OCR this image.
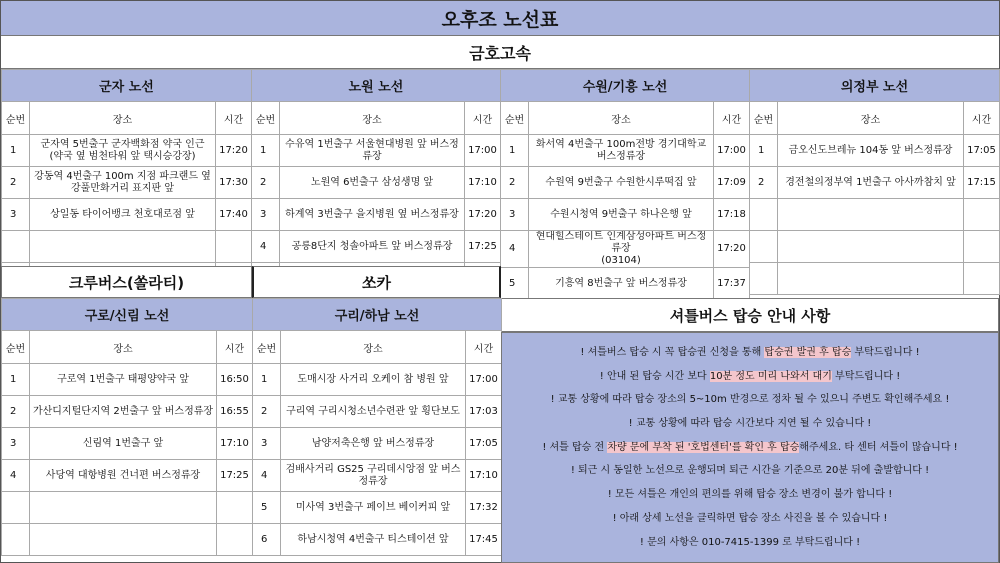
오후조 노선표
금호고속
군자 노선		
순번	장소	시간
1	군자역 5번출구 군자백화점 약국 인근
(약국 옆 범천타워 앞 택시승강장)	17:20
2	강동역 4번출구 100m 지점 파크랜드 옆
강풀만화거리 표지판 앞	17:30
3	상일동 타이어뱅크 천호대로점 앞	17:40

노원 노선		
순번	장소	시간
1	수유역 1번출구 서울현대병원 앞 버스정류장	17:00
2	노원역 6번출구 삼성생명 앞	17:10
3	하계역 3번출구 을지병원 옆 버스정류장	17:20
4	공릉8단지 청솔아파트 앞 버스정류장	17:25

수원/기흥 노선		
순번	장소	시간
1	화서역 4번출구 100m전방 경기대학교
버스정류장	17:00
2	수원역 9번출구 수원한시루떡집 앞	17:09
3	수원시청역 9번출구 하나은행 앞	17:18
4	현대힐스테이트 인계삼성아파트 버스정류장
(03104)	17:20
5	기흥역 8번출구 앞 버스정류장	17:37
의정부 노선		
순번	장소	시간
1	금오신도브레뉴 104동 앞 버스정류장	17:05
2	경전철의정부역 1번출구 아사까참치 앞	17:15

크루버스(쏠라티)	쏘카
셔틀버스 탑승 안내 사항
구로/신림 노선		
순번	장소	시간
1	구로역 1번출구 태평양약국 앞	16:50
2	가산디지털단지역 2번출구 앞 버스정류장	16:55
3	신림역 1번출구 앞	17:10
4	사당역 대항병원 건너편 버스정류장	17:25

구리/하남 노선		
순번	장소	시간
1	도매시장 사거리 오케이 참 병원 앞	17:00
2	구리역 구리시청소년수련관 앞 횡단보도	17:03
3	남양저축은행 앞 버스정류장	17:05
4	검배사거리 GS25 구리데시앙점 앞 버스정류장	17:10
5	미사역 3번출구 페이브 베이커피 앞	17:32
6	하남시청역 4번출구 티스테이션 앞	17:45

! 셔틀버스 탑승 시 꼭 탑승권 신청을 통해 탑승권 발권 후 탑승 부탁드립니다 !

! 안내 된 탑승 시간 보다 10분 정도 미리 나와서 대기 부탁드립니다 !

! 교통 상황에 따라 탑승 장소의 5~10m 반경으로 정차 될 수 있으니 주변도 확인해주세요 !

! 교통 상황에 따라 탑승 시간보다 지연 될 수 있습니다 !

! 셔틀 탑승 전 차량 문에 부착 된 '호법센터'를 확인 후 탑승해주세요. 타 센터 셔틀이 많습니다 !

! 퇴근 시 동일한 노선으로 운행되며 퇴근 시간을 기준으로 20분 뒤에 출발합니다 !

! 모든 셔틀은 개인의 편의를 위해 탑승 장소 변경이 불가 합니다 !

! 아래 상세 노선을 클릭하면 탑승 장소 사진을 볼 수 있습니다 !

! 문의 사항은 010-7415-1399 로 부탁드립니다 !
